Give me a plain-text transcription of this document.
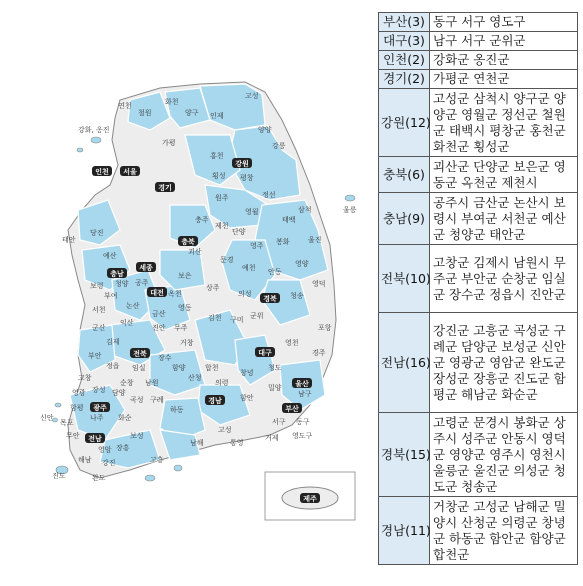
인천 서울
경기
강원
충북
충남
세종
대전
전북
경북
대구
전남
광주
경남
울산
부산
제주
강화, 옹진
연천
철원
화천
양구
고성
인제
양양
가평
홍천
강릉
횡성 평창
정선
삼척
원주
영월
태백
울릉
태안
예산
당진
제천
단양
충주
괴산
영주 봉화	울진
보령 청양 공주
부여
논산
서천	금산
옥천
보은
영동
상주
문경
예천 안동
영양
영덕
청송
의성
군위
구미
김천
무주
진안
익산
김제
군산
부안
정읍 임실
장수
남원
순창
고창
영광 장성 담양
곡성 구례
함평
나주 화순
보성
영암
강진
장흥
해남	고흥
진도	완도
신안
목포
무안
영천
포항
경주
청도
밀양
창녕
거창
함양
산청
합천
의령
함안
하동
남해
고성
통영
거제
서구 동구
영도구
남구
부산(3)	동구 서구 영도구
대구(3)	남구 서구 군위군
인천(2)	강화군 옹진군
경기(2)	가평군 연천군
강원(12)	고성군 삼척시 양구군 양양군 영월군 정선군 철원군 태백시 평창군 홍천군 화천군 횡성군
충북(6)	괴산군 단양군 보은군 영동군 옥천군 제천시
충남(9)	공주시 금산군 논산시 보령시 부여군 서천군 예산군 청양군 태안군
전북(10)	고창군 김제시 남원시 무주군 부안군 순창군 임실군 장수군 정읍시 진안군
전남(16)	강진군 고흥군 곡성군 구례군 담양군 보성군 신안군 영광군 영암군 완도군 장성군 장흥군 진도군 함평군 해남군 화순군
경북(15)	고령군 문경시 봉화군 상주시 성주군 안동시 영덕군 영양군 영주시 영천시 울릉군 울진군 의성군 청도군 청송군
경남(11)	거창군 고성군 남해군 밀양시 산청군 의령군 창녕군 하동군 함안군 함양군 합천군
